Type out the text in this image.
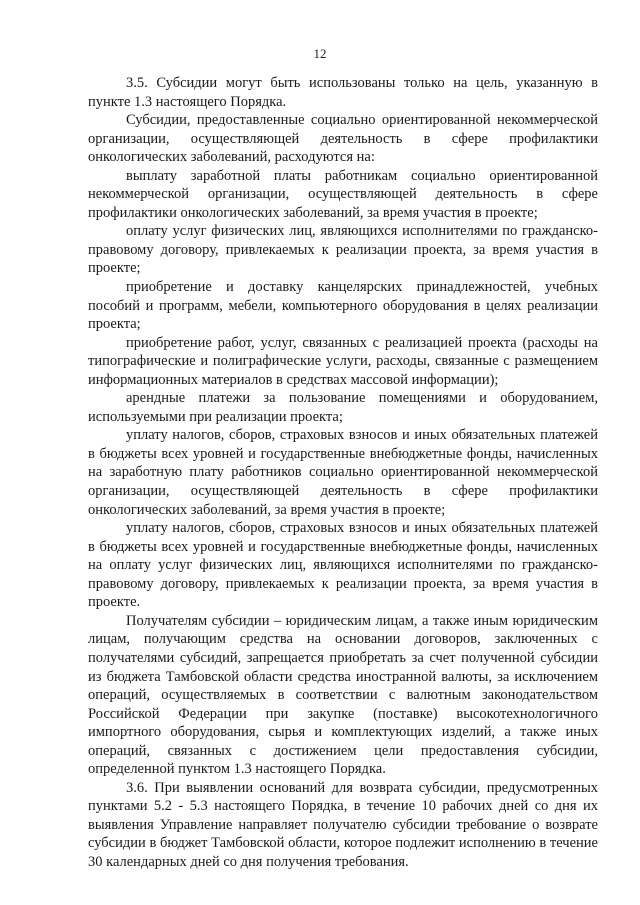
12

3.5. Субсидии могут быть использованы только на цель, указанную в пункте 1.3 настоящего Порядка.

Субсидии, предоставленные социально ориентированной некоммерческой организации, осуществляющей деятельность в сфере профилактики онкологических заболеваний, расходуются на:

выплату заработной платы работникам социально ориентированной некоммерческой организации, осуществляющей деятельность в сфере профилактики онкологических заболеваний, за время участия в проекте;

оплату услуг физических лиц, являющихся исполнителями по гражданско-правовому договору, привлекаемых к реализации проекта, за время участия в проекте;

приобретение и доставку канцелярских принадлежностей, учебных пособий и программ, мебели, компьютерного оборудования в целях реализации проекта;

приобретение работ, услуг, связанных с реализацией проекта (расходы на типографические и полиграфические услуги, расходы, связанные с размещением информационных материалов в средствах массовой информации);

арендные платежи за пользование помещениями и оборудованием, используемыми при реализации проекта;

уплату налогов, сборов, страховых взносов и иных обязательных платежей в бюджеты всех уровней и государственные внебюджетные фонды, начисленных на заработную плату работников социально ориентированной некоммерческой организации, осуществляющей деятельность в сфере профилактики онкологических заболеваний, за время участия в проекте;

уплату налогов, сборов, страховых взносов и иных обязательных платежей в бюджеты всех уровней и государственные внебюджетные фонды, начисленных на оплату услуг физических лиц, являющихся исполнителями по гражданско-правовому договору, привлекаемых к реализации проекта, за время участия в проекте.

Получателям субсидии – юридическим лицам, а также иным юридическим лицам, получающим средства на основании договоров, заключенных с получателями субсидий, запрещается приобретать за счет полученной субсидии из бюджета Тамбовской области средства иностранной валюты, за исключением операций, осуществляемых в соответствии с валютным законодательством Российской Федерации при закупке (поставке) высокотехнологичного импортного оборудования, сырья и комплектующих изделий, а также иных операций, связанных с достижением цели предоставления субсидии, определенной пунктом 1.3 настоящего Порядка.

3.6. При выявлении оснований для возврата субсидии, предусмотренных пунктами 5.2 - 5.3 настоящего Порядка, в течение 10 рабочих дней со дня их выявления Управление направляет получателю субсидии требование о возврате субсидии в бюджет Тамбовской области, которое подлежит исполнению в течение 30 календарных дней со дня получения требования.
